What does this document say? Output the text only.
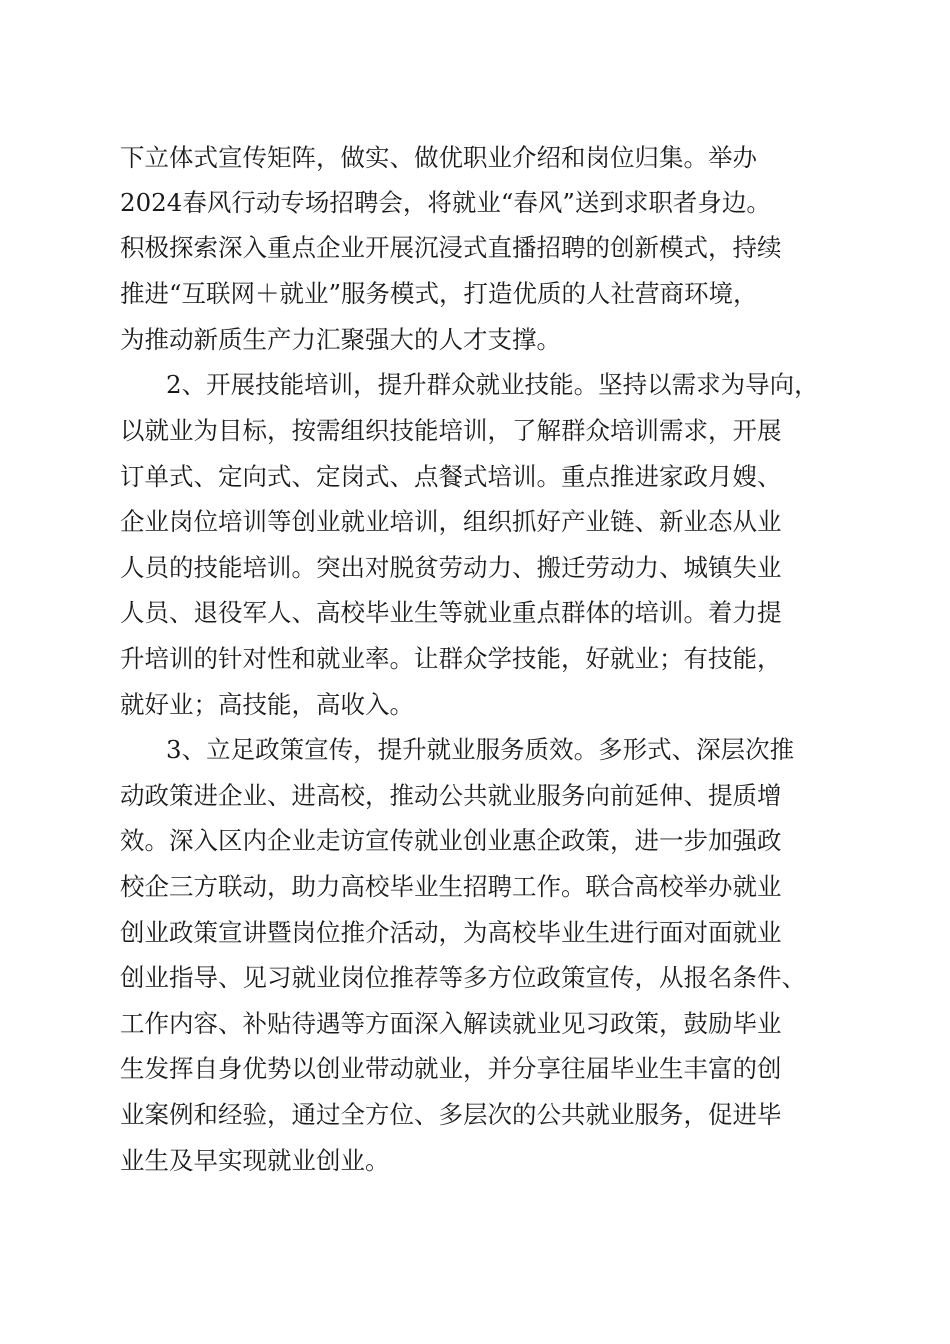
下立体式宣传矩阵，做实、做优职业介绍和岗位归集。举办
2024春风行动专场招聘会，将就业“春风”送到求职者身边。
积极探索深入重点企业开展沉浸式直播招聘的创新模式，持续
推进“互联网＋就业”服务模式，打造优质的人社营商环境，
为推动新质生产力汇聚强大的人才支撑。
2、开展技能培训，提升群众就业技能。坚持以需求为导向，
以就业为目标，按需组织技能培训，了解群众培训需求，开展
订单式、定向式、定岗式、点餐式培训。重点推进家政月嫂、
企业岗位培训等创业就业培训，组织抓好产业链、新业态从业
人员的技能培训。突出对脱贫劳动力、搬迁劳动力、城镇失业
人员、退役军人、高校毕业生等就业重点群体的培训。着力提
升培训的针对性和就业率。让群众学技能，好就业；有技能，
就好业；高技能，高收入。
3、立足政策宣传，提升就业服务质效。多形式、深层次推
动政策进企业、进高校，推动公共就业服务向前延伸、提质增
效。深入区内企业走访宣传就业创业惠企政策，进一步加强政
校企三方联动，助力高校毕业生招聘工作。联合高校举办就业
创业政策宣讲暨岗位推介活动，为高校毕业生进行面对面就业
创业指导、见习就业岗位推荐等多方位政策宣传，从报名条件、
工作内容、补贴待遇等方面深入解读就业见习政策，鼓励毕业
生发挥自身优势以创业带动就业，并分享往届毕业生丰富的创
业案例和经验，通过全方位、多层次的公共就业服务，促进毕
业生及早实现就业创业。
